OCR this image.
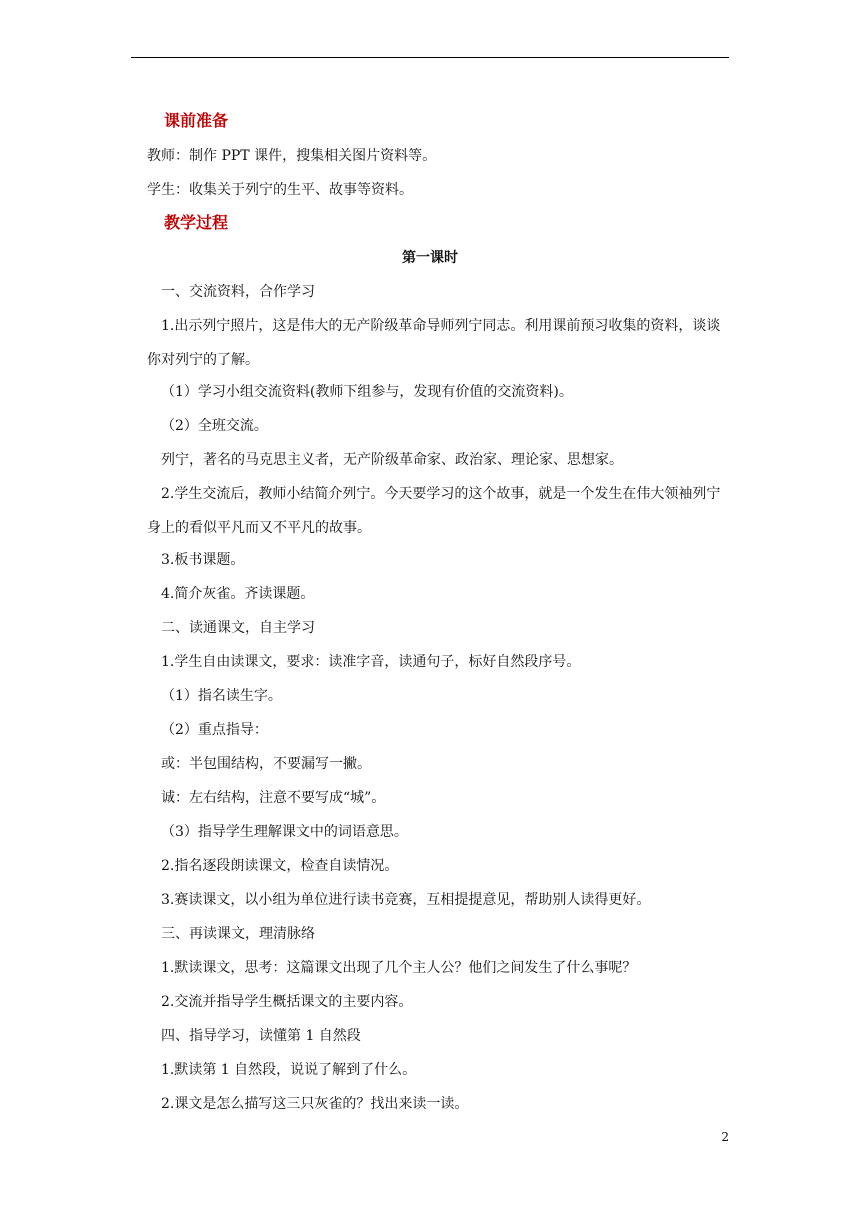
课前准备
教师：制作 PPT 课件，搜集相关图片资料等。
学生：收集关于列宁的生平、故事等资料。
教学过程
第一课时
一、交流资料，合作学习
1.出示列宁照片，这是伟大的无产阶级革命导师列宁同志。利用课前预习收集的资料，谈谈你对列宁的了解。
（1）学习小组交流资料(教师下组参与，发现有价值的交流资料)。
（2）全班交流。
列宁，著名的马克思主义者，无产阶级革命家、政治家、理论家、思想家。
2.学生交流后，教师小结简介列宁。今天要学习的这个故事，就是一个发生在伟大领袖列宁身上的看似平凡而又不平凡的故事。
3.板书课题。
4.简介灰雀。齐读课题。
二、读通课文，自主学习
1.学生自由读课文，要求：读准字音，读通句子，标好自然段序号。
（1）指名读生字。
（2）重点指导：
或：半包围结构，不要漏写一撇。
诚：左右结构，注意不要写成“城”。
（3）指导学生理解课文中的词语意思。
2.指名逐段朗读课文，检查自读情况。
3.赛读课文，以小组为单位进行读书竞赛，互相提提意见，帮助别人读得更好。
三、再读课文，理清脉络
1.默读课文，思考：这篇课文出现了几个主人公？他们之间发生了什么事呢？
2.交流并指导学生概括课文的主要内容。
四、指导学习，读懂第 1 自然段
1.默读第 1 自然段，说说了解到了什么。
2.课文是怎么描写这三只灰雀的？找出来读一读。
2
